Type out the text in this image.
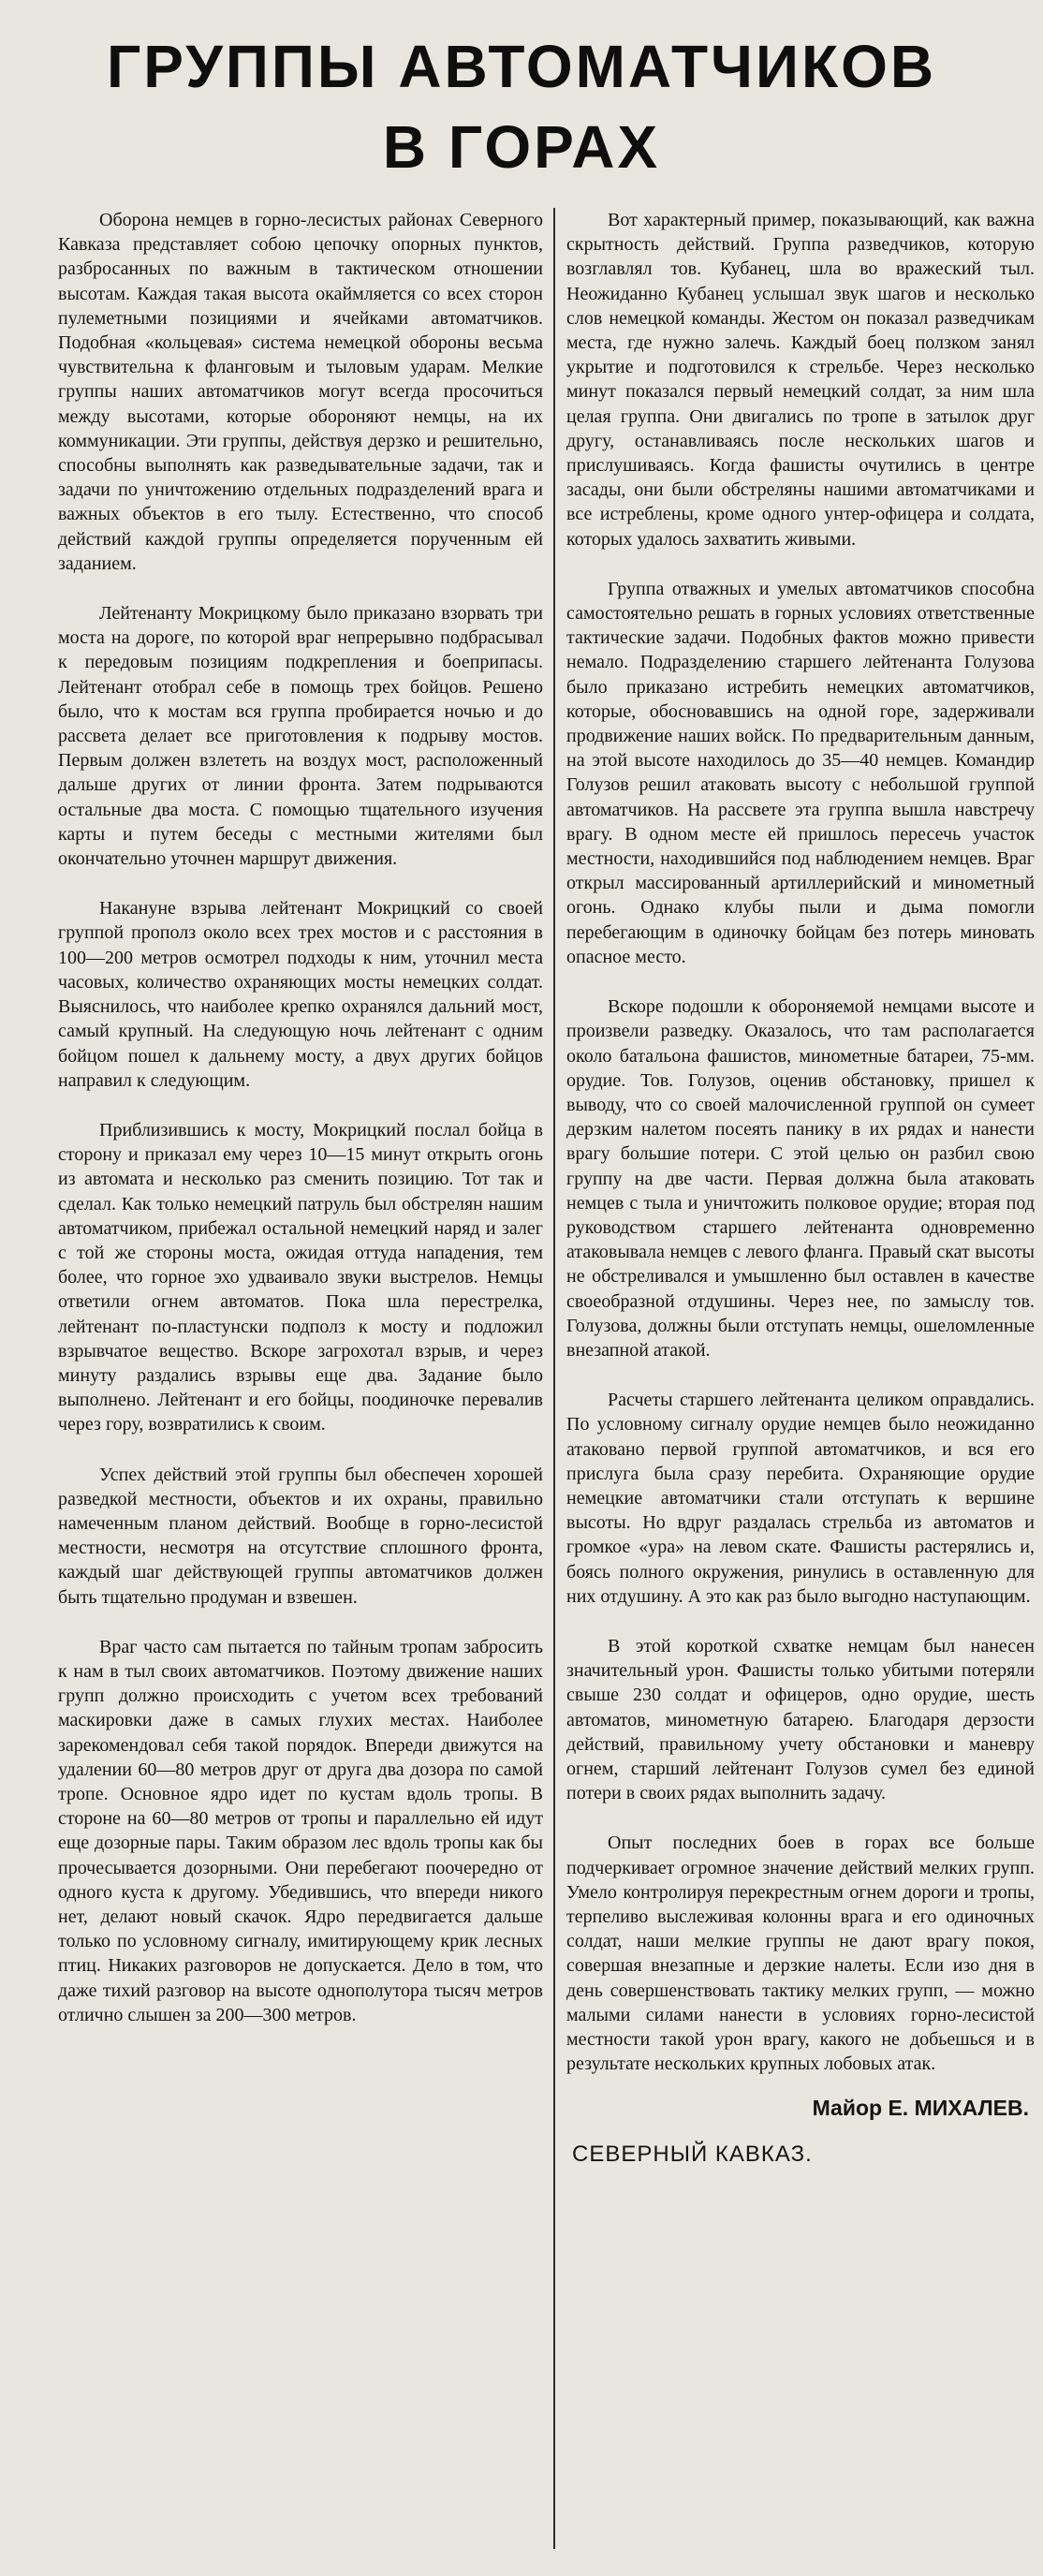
ГРУППЫ АВТОМАТЧИКОВ
В ГОРАХ

Оборона немцев в горно-лесистых районах Северного Кавказа представляет собою цепочку опорных пунктов, разбросанных по важным в тактическом отношении высотам. Каждая такая высота окаймляется со всех сторон пулеметными позициями и ячейками автоматчиков. Подобная «кольцевая» система немецкой обороны весьма чувствительна к фланговым и тыловым ударам. Мелкие группы наших автоматчиков могут всегда просочиться между высотами, которые обороняют немцы, на их коммуникации. Эти группы, действуя дерзко и решительно, способны выполнять как разведывательные задачи, так и задачи по уничтожению отдельных подразделений врага и важных объектов в его тылу. Естественно, что способ действий каждой группы определяется порученным ей заданием.

Лейтенанту Мокрицкому было приказано взорвать три моста на дороге, по которой враг непрерывно подбрасывал к передовым позициям подкрепления и боеприпасы. Лейтенант отобрал себе в помощь трех бойцов. Решено было, что к мостам вся группа пробирается ночью и до рассвета делает все приготовления к подрыву мостов. Первым должен взлететь на воздух мост, расположенный дальше других от линии фронта. Затем подрываются остальные два моста. С помощью тщательного изучения карты и путем беседы с местными жителями был окончательно уточнен маршрут движения.

Накануне взрыва лейтенант Мокрицкий со своей группой прополз около всех трех мостов и с расстояния в 100—200 метров осмотрел подходы к ним, уточнил места часовых, количество охраняющих мосты немецких солдат. Выяснилось, что наиболее крепко охранялся дальний мост, самый крупный. На следующую ночь лейтенант с одним бойцом пошел к дальнему мосту, а двух других бойцов направил к следующим.

Приблизившись к мосту, Мокрицкий послал бойца в сторону и приказал ему через 10—15 минут открыть огонь из автомата и несколько раз сменить позицию. Тот так и сделал. Как только немецкий патруль был обстрелян нашим автоматчиком, прибежал остальной немецкий наряд и залег с той же стороны моста, ожидая оттуда нападения, тем более, что горное эхо удваивало звуки выстрелов. Немцы ответили огнем автоматов. Пока шла перестрелка, лейтенант по-пластунски подполз к мосту и подложил взрывчатое вещество. Вскоре загрохотал взрыв, и через минуту раздались взрывы еще два. Задание было выполнено. Лейтенант и его бойцы, поодиночке перевалив через гору, возвратились к своим.

Успех действий этой группы был обеспечен хорошей разведкой местности, объектов и их охраны, правильно намеченным планом действий. Вообще в горно-лесистой местности, несмотря на отсутствие сплошного фронта, каждый шаг действующей группы автоматчиков должен быть тщательно продуман и взвешен.

Враг часто сам пытается по тайным тропам забросить к нам в тыл своих автоматчиков. Поэтому движение наших групп должно происходить с учетом всех требований маскировки даже в самых глухих местах. Наиболее зарекомендовал себя такой порядок. Впереди движутся на удалении 60—80 метров друг от друга два дозора по самой тропе. Основное ядро идет по кустам вдоль тропы. В стороне на 60—80 метров от тропы и параллельно ей идут еще дозорные пары. Таким образом лес вдоль тропы как бы прочесывается дозорными. Они перебегают поочередно от одного куста к другому. Убедившись, что впереди никого нет, делают новый скачок. Ядро передвигается дальше только по условному сигналу, имитирующему крик лесных птиц. Никаких разговоров не допускается. Дело в том, что даже тихий разговор на высоте однополутора тысяч метров отлично слышен за 200—300 метров.

Вот характерный пример, показывающий, как важна скрытность действий. Группа разведчиков, которую возглавлял тов. Кубанец, шла во вражеский тыл. Неожиданно Кубанец услышал звук шагов и несколько слов немецкой команды. Жестом он показал разведчикам места, где нужно залечь. Каждый боец ползком занял укрытие и подготовился к стрельбе. Через несколько минут показался первый немецкий солдат, за ним шла целая группа. Они двигались по тропе в затылок друг другу, останавливаясь после нескольких шагов и прислушиваясь. Когда фашисты очутились в центре засады, они были обстреляны нашими автоматчиками и все истреблены, кроме одного унтер-офицера и солдата, которых удалось захватить живыми.

Группа отважных и умелых автоматчиков способна самостоятельно решать в горных условиях ответственные тактические задачи. Подобных фактов можно привести немало. Подразделению старшего лейтенанта Голузова было приказано истребить немецких автоматчиков, которые, обосновавшись на одной горе, задерживали продвижение наших войск. По предварительным данным, на этой высоте находилось до 35—40 немцев. Командир Голузов решил атаковать высоту с небольшой группой автоматчиков. На рассвете эта группа вышла навстречу врагу. В одном месте ей пришлось пересечь участок местности, находившийся под наблюдением немцев. Враг открыл массированный артиллерийский и минометный огонь. Однако клубы пыли и дыма помогли перебегающим в одиночку бойцам без потерь миновать опасное место.

Вскоре подошли к обороняемой немцами высоте и произвели разведку. Оказалось, что там располагается около батальона фашистов, минометные батареи, 75-мм. орудие. Тов. Голузов, оценив обстановку, пришел к выводу, что со своей малочисленной группой он сумеет дерзким налетом посеять панику в их рядах и нанести врагу большие потери. С этой целью он разбил свою группу на две части. Первая должна была атаковать немцев с тыла и уничтожить полковое орудие; вторая под руководством старшего лейтенанта одновременно атаковывала немцев с левого фланга. Правый скат высоты не обстреливался и умышленно был оставлен в качестве своеобразной отдушины. Через нее, по замыслу тов. Голузова, должны были отступать немцы, ошеломленные внезапной атакой.

Расчеты старшего лейтенанта целиком оправдались. По условному сигналу орудие немцев было неожиданно атаковано первой группой автоматчиков, и вся его прислуга была сразу перебита. Охраняющие орудие немецкие автоматчики стали отступать к вершине высоты. Но вдруг раздалась стрельба из автоматов и громкое «ура» на левом скате. Фашисты растерялись и, боясь полного окружения, ринулись в оставленную для них отдушину. А это как раз было выгодно наступающим.

В этой короткой схватке немцам был нанесен значительный урон. Фашисты только убитыми потеряли свыше 230 солдат и офицеров, одно орудие, шесть автоматов, минометную батарею. Благодаря дерзости действий, правильному учету обстановки и маневру огнем, старший лейтенант Голузов сумел без единой потери в своих рядах выполнить задачу.

Опыт последних боев в горах все больше подчеркивает огромное значение действий мелких групп. Умело контролируя перекрестным огнем дороги и тропы, терпеливо выслеживая колонны врага и его одиночных солдат, наши мелкие группы не дают врагу покоя, совершая внезапные и дерзкие налеты. Если изо дня в день совершенствовать тактику мелких групп, — можно малыми силами нанести в условиях горно-лесистой местности такой урон врагу, какого не добьешься и в результате нескольких крупных лобовых атак.

Майор Е. МИХАЛЕВ.
СЕВЕРНЫЙ КАВКАЗ.
